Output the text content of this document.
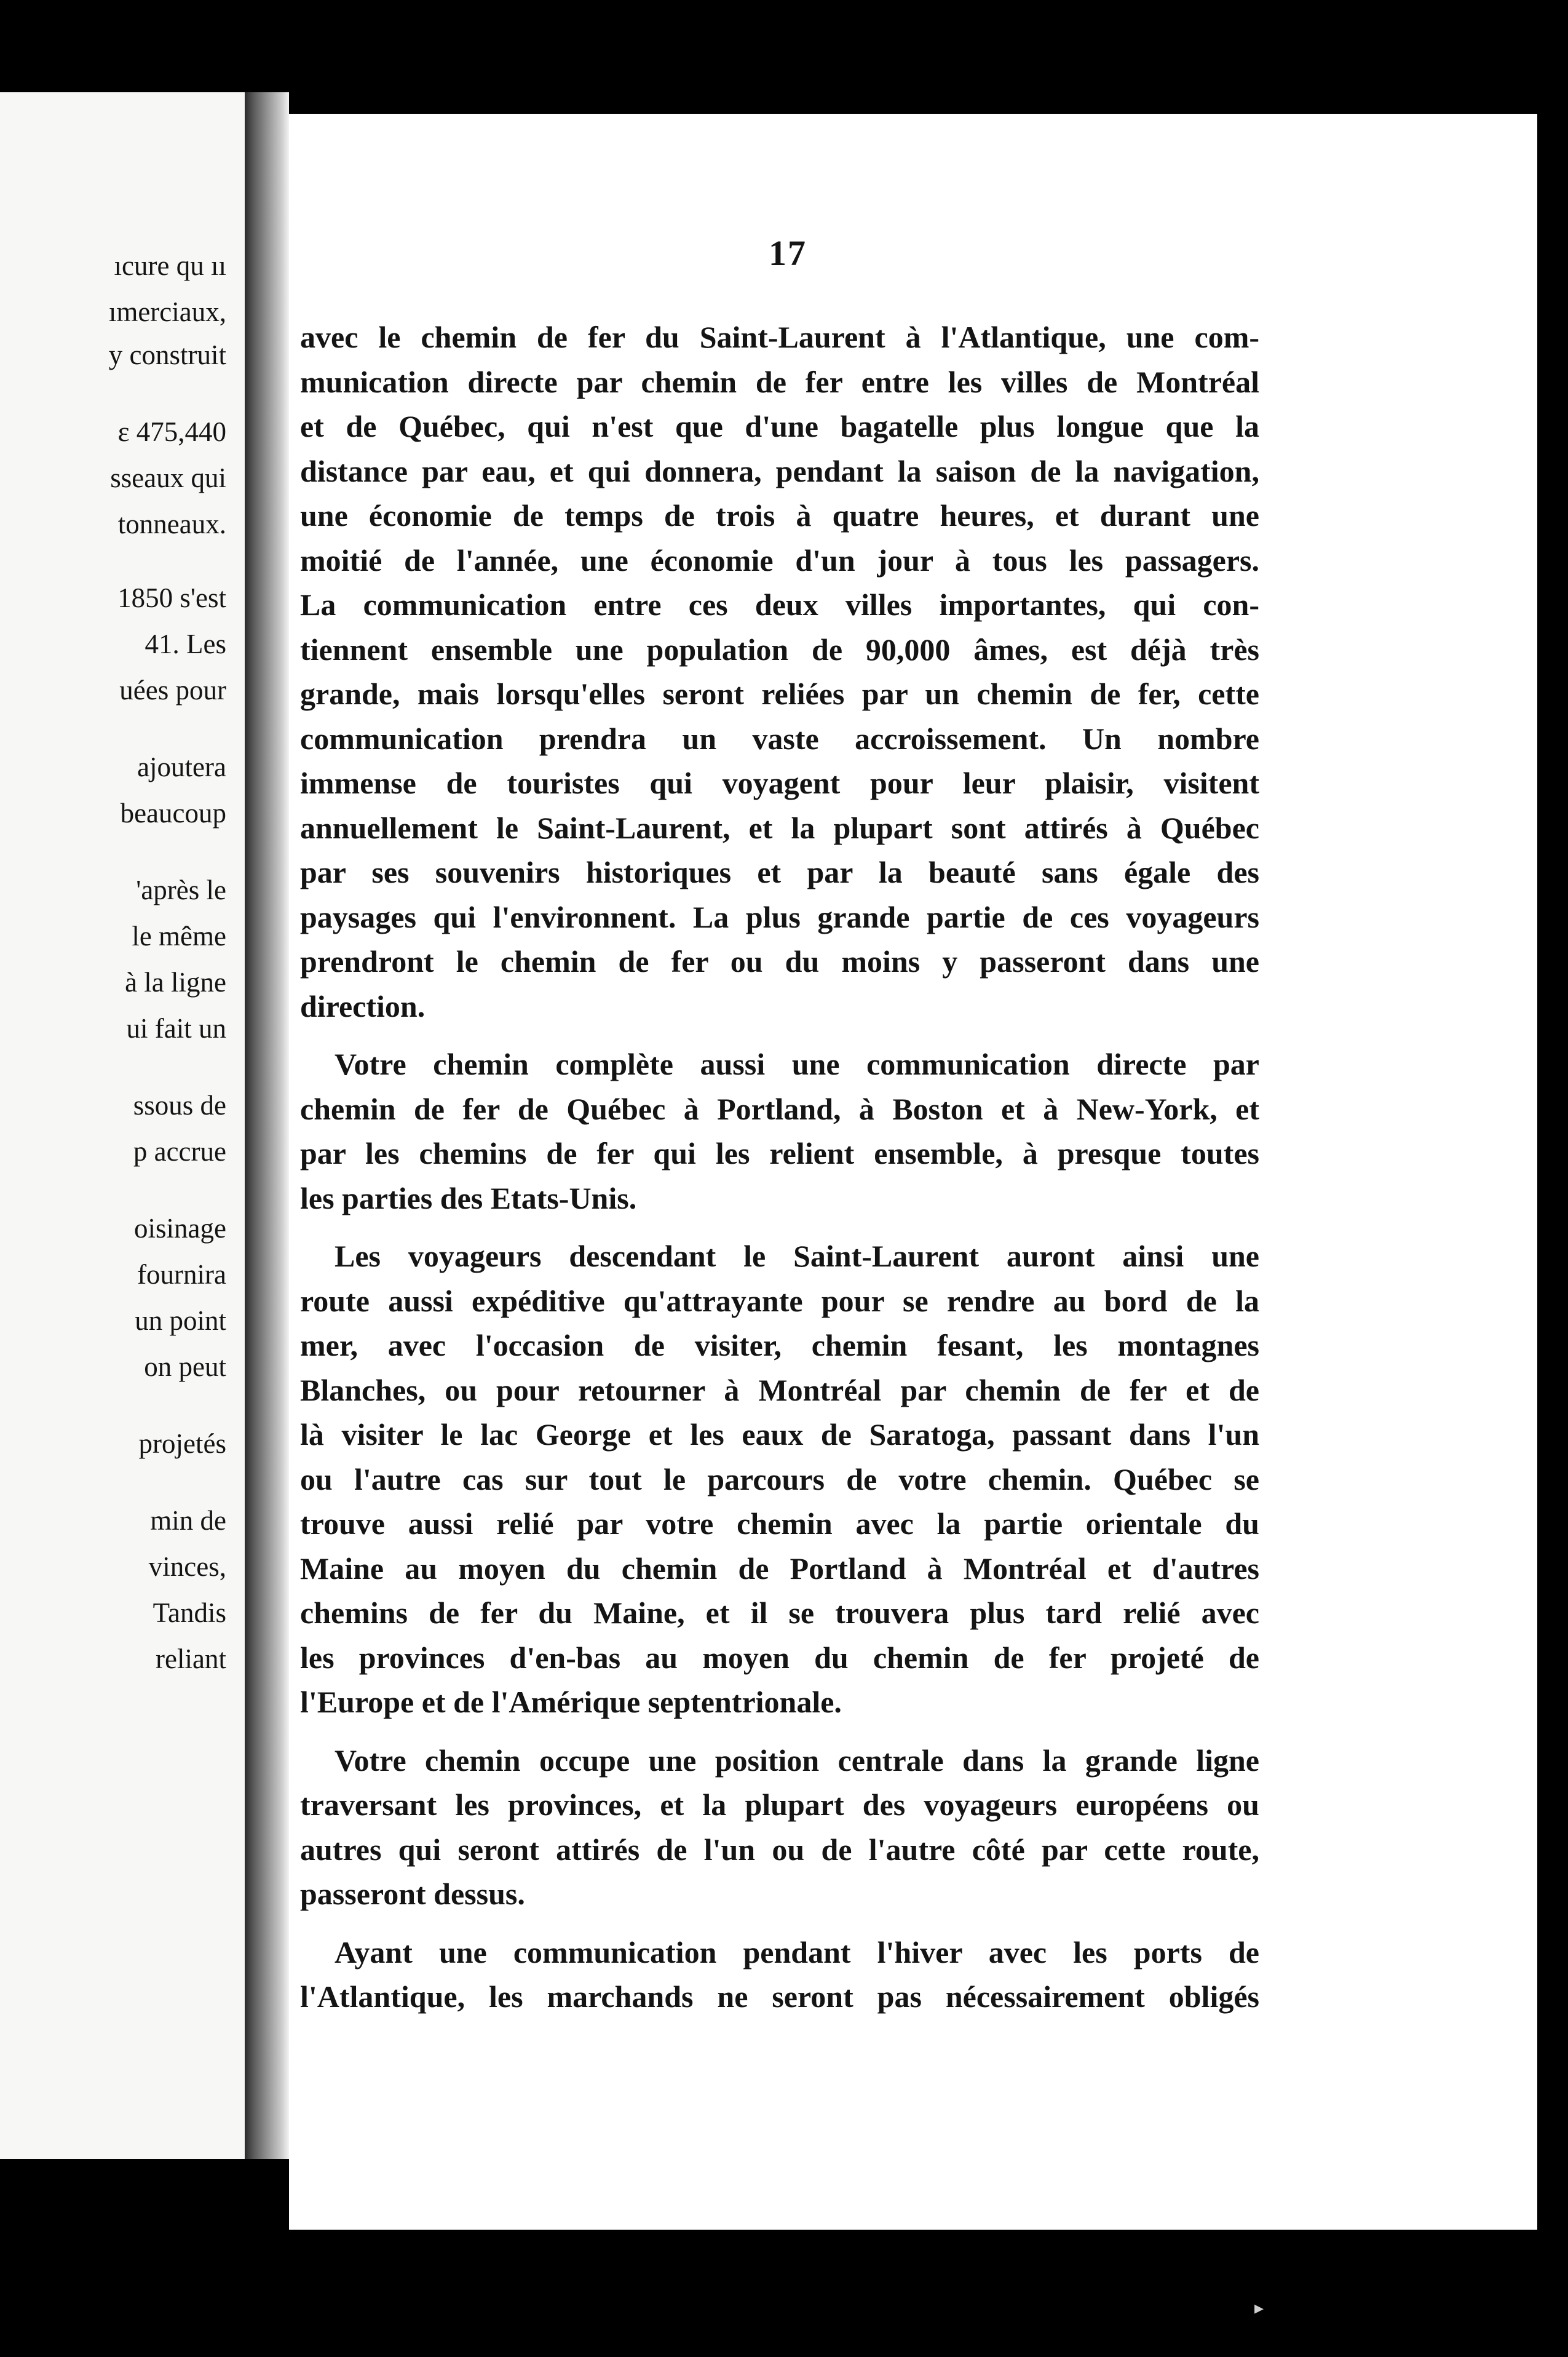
ıcure qu ıı
ımerciaux,
y construit
ɛ 475,440
sseaux qui
tonneaux.
1850 s'est
41. Les
uées pour
ajoutera
beaucoup
'après le
le même
à la ligne
ui fait un
ssous de
p accrue
oisinage
fournira
un point
on peut
projetés
min de
vinces,
Tandis
reliant
17
avec le chemin de fer du Saint-Laurent à l'Atlantique, une com-
munication directe par chemin de fer entre les villes de Montréal
et de Québec, qui n'est que d'une bagatelle plus longue que la
distance par eau, et qui donnera, pendant la saison de la navigation,
une économie de temps de trois à quatre heures, et durant une
moitié de l'année, une économie d'un jour à tous les passagers.
La communication entre ces deux villes importantes, qui con-
tiennent ensemble une population de 90,000 âmes, est déjà très
grande, mais lorsqu'elles seront reliées par un chemin de fer, cette
communication prendra un vaste accroissement. Un nombre
immense de touristes qui voyagent pour leur plaisir, visitent
annuellement le Saint-Laurent, et la plupart sont attirés à Québec
par ses souvenirs historiques et par la beauté sans égale des
paysages qui l'environnent. La plus grande partie de ces voyageurs
prendront le chemin de fer ou du moins y passeront dans une
direction.
Votre chemin complète aussi une communication directe par
chemin de fer de Québec à Portland, à Boston et à New-York, et
par les chemins de fer qui les relient ensemble, à presque toutes
les parties des Etats-Unis.
Les voyageurs descendant le Saint-Laurent auront ainsi une
route aussi expéditive qu'attrayante pour se rendre au bord de la
mer, avec l'occasion de visiter, chemin fesant, les montagnes
Blanches, ou pour retourner à Montréal par chemin de fer et de
là visiter le lac George et les eaux de Saratoga, passant dans l'un
ou l'autre cas sur tout le parcours de votre chemin. Québec se
trouve aussi relié par votre chemin avec la partie orientale du
Maine au moyen du chemin de Portland à Montréal et d'autres
chemins de fer du Maine, et il se trouvera plus tard relié avec
les provinces d'en-bas au moyen du chemin de fer projeté de
l'Europe et de l'Amérique septentrionale.
Votre chemin occupe une position centrale dans la grande ligne
traversant les provinces, et la plupart des voyageurs européens ou
autres qui seront attirés de l'un ou de l'autre côté par cette route,
passeront dessus.
Ayant une communication pendant l'hiver avec les ports de
l'Atlantique, les marchands ne seront pas nécessairement obligés
▸
